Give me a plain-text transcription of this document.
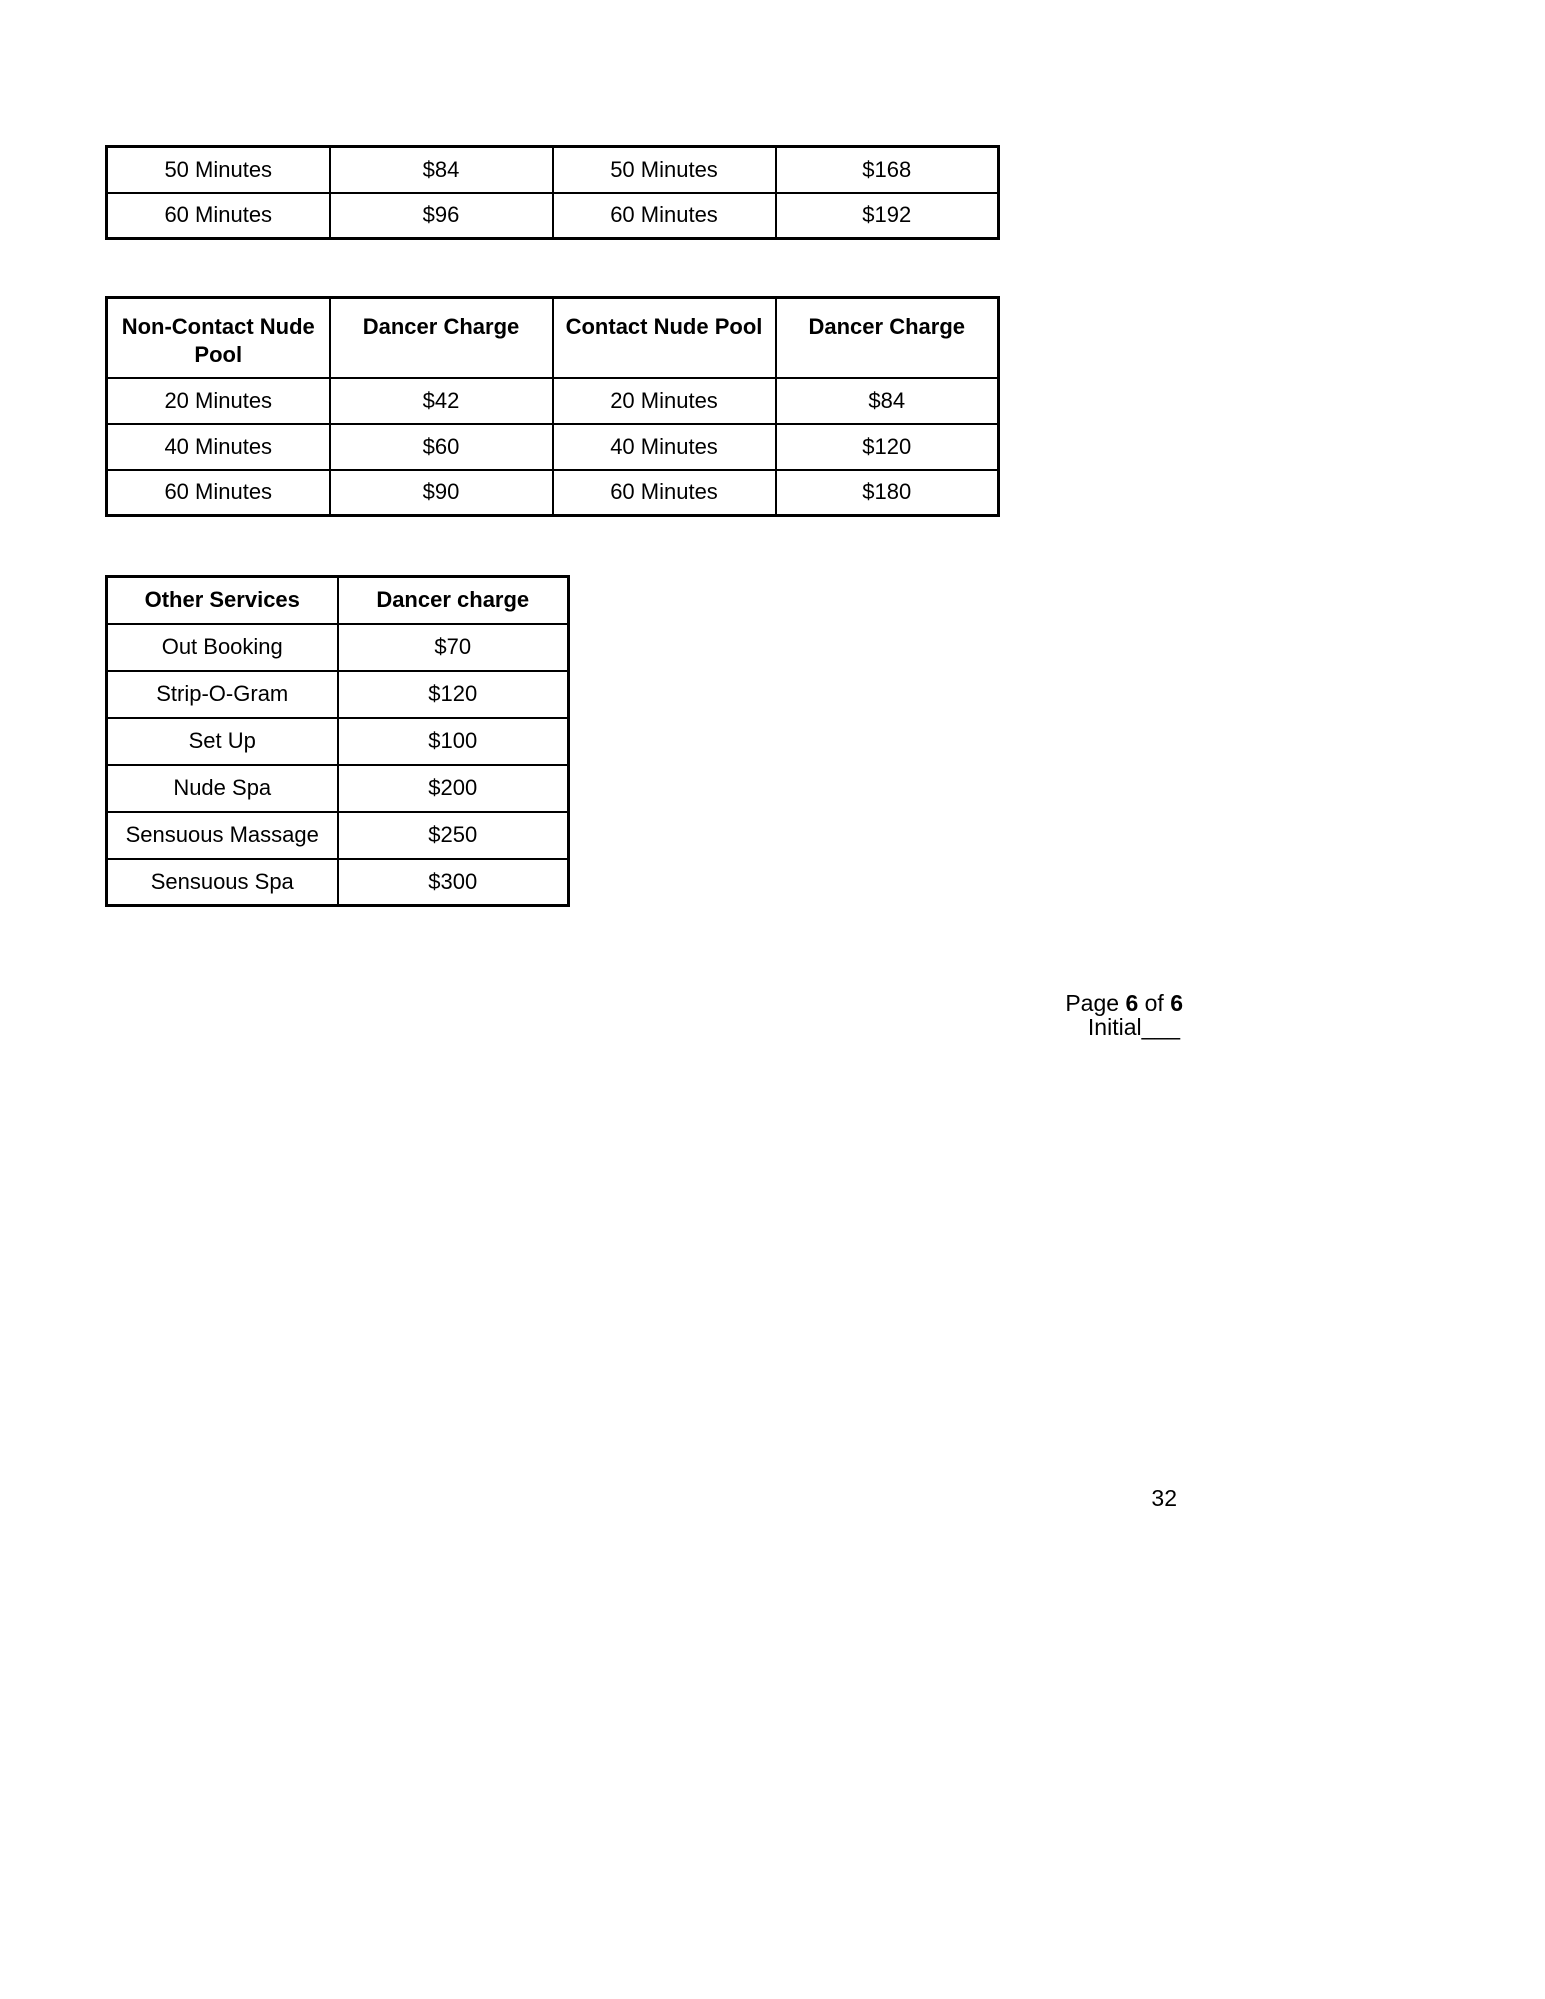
50 Minutes	$84	50 Minutes	$168
60 Minutes	$96	60 Minutes	$192
Non-Contact Nude Pool	Dancer Charge	Contact Nude Pool	Dancer Charge
20 Minutes	$42	20 Minutes	$84
40 Minutes	$60	40 Minutes	$120
60 Minutes	$90	60 Minutes	$180
Other Services	Dancer charge
Out Booking	$70
Strip-O-Gram	$120
Set Up	$100
Nude Spa	$200
Sensuous Massage	$250
Sensuous Spa	$300

Page 6 of 6

Initial___
32
